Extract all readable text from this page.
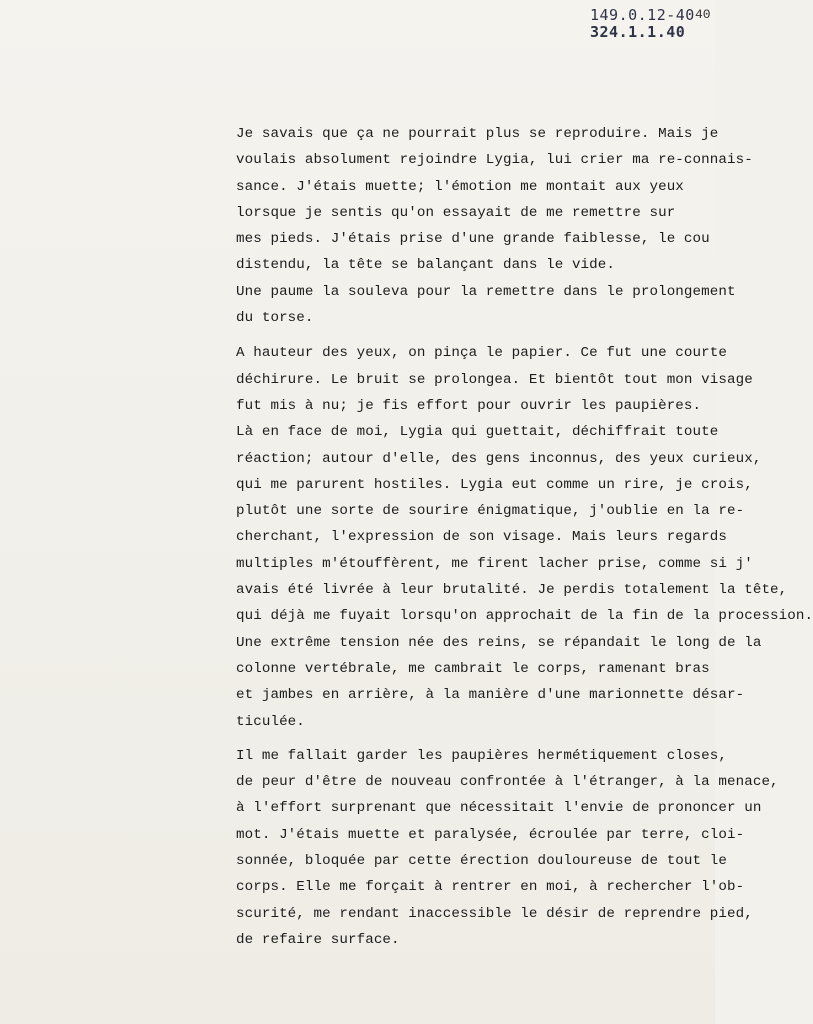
149.0.12-40
324.1.1.40
40
Je savais que ça ne pourrait plus se reproduire. Mais je
voulais absolument rejoindre Lygia, lui crier ma re-connais-
sance. J'étais muette; l'émotion me montait aux yeux
lorsque je sentis qu'on essayait de me remettre sur
mes pieds. J'étais prise d'une grande faiblesse, le cou
distendu, la tête se balançant dans le vide.
Une paume la souleva pour la remettre dans le prolongement
du torse.
A hauteur des yeux, on pinça le papier. Ce fut une courte
déchirure. Le bruit se prolongea. Et bientôt tout mon visage
fut mis à nu; je fis effort pour ouvrir les paupières.
Là en face de moi, Lygia qui guettait, déchiffrait toute
réaction; autour d'elle, des gens inconnus, des yeux curieux,
qui me parurent hostiles. Lygia eut comme un rire, je crois,
plutôt une sorte de sourire énigmatique, j'oublie en la re-
cherchant, l'expression de son visage. Mais leurs regards
multiples m'étouffèrent, me firent lacher prise, comme si j'
avais été livrée à leur brutalité. Je perdis totalement la tête,
qui déjà me fuyait lorsqu'on approchait de la fin de la procession.
Une extrême tension née des reins, se répandait le long de la
colonne vertébrale, me cambrait le corps, ramenant bras
et jambes en arrière, à la manière d'une marionnette désar-
ticulée.
Il me fallait garder les paupières hermétiquement closes,
de peur d'être de nouveau confrontée à l'étranger, à la menace,
à l'effort surprenant que nécessitait l'envie de prononcer un
mot. J'étais muette et paralysée, écroulée par terre, cloi-
sonnée, bloquée par cette érection douloureuse de tout le
corps. Elle me forçait à rentrer en moi, à rechercher l'ob-
scurité, me rendant inaccessible le désir de reprendre pied,
de refaire surface.
